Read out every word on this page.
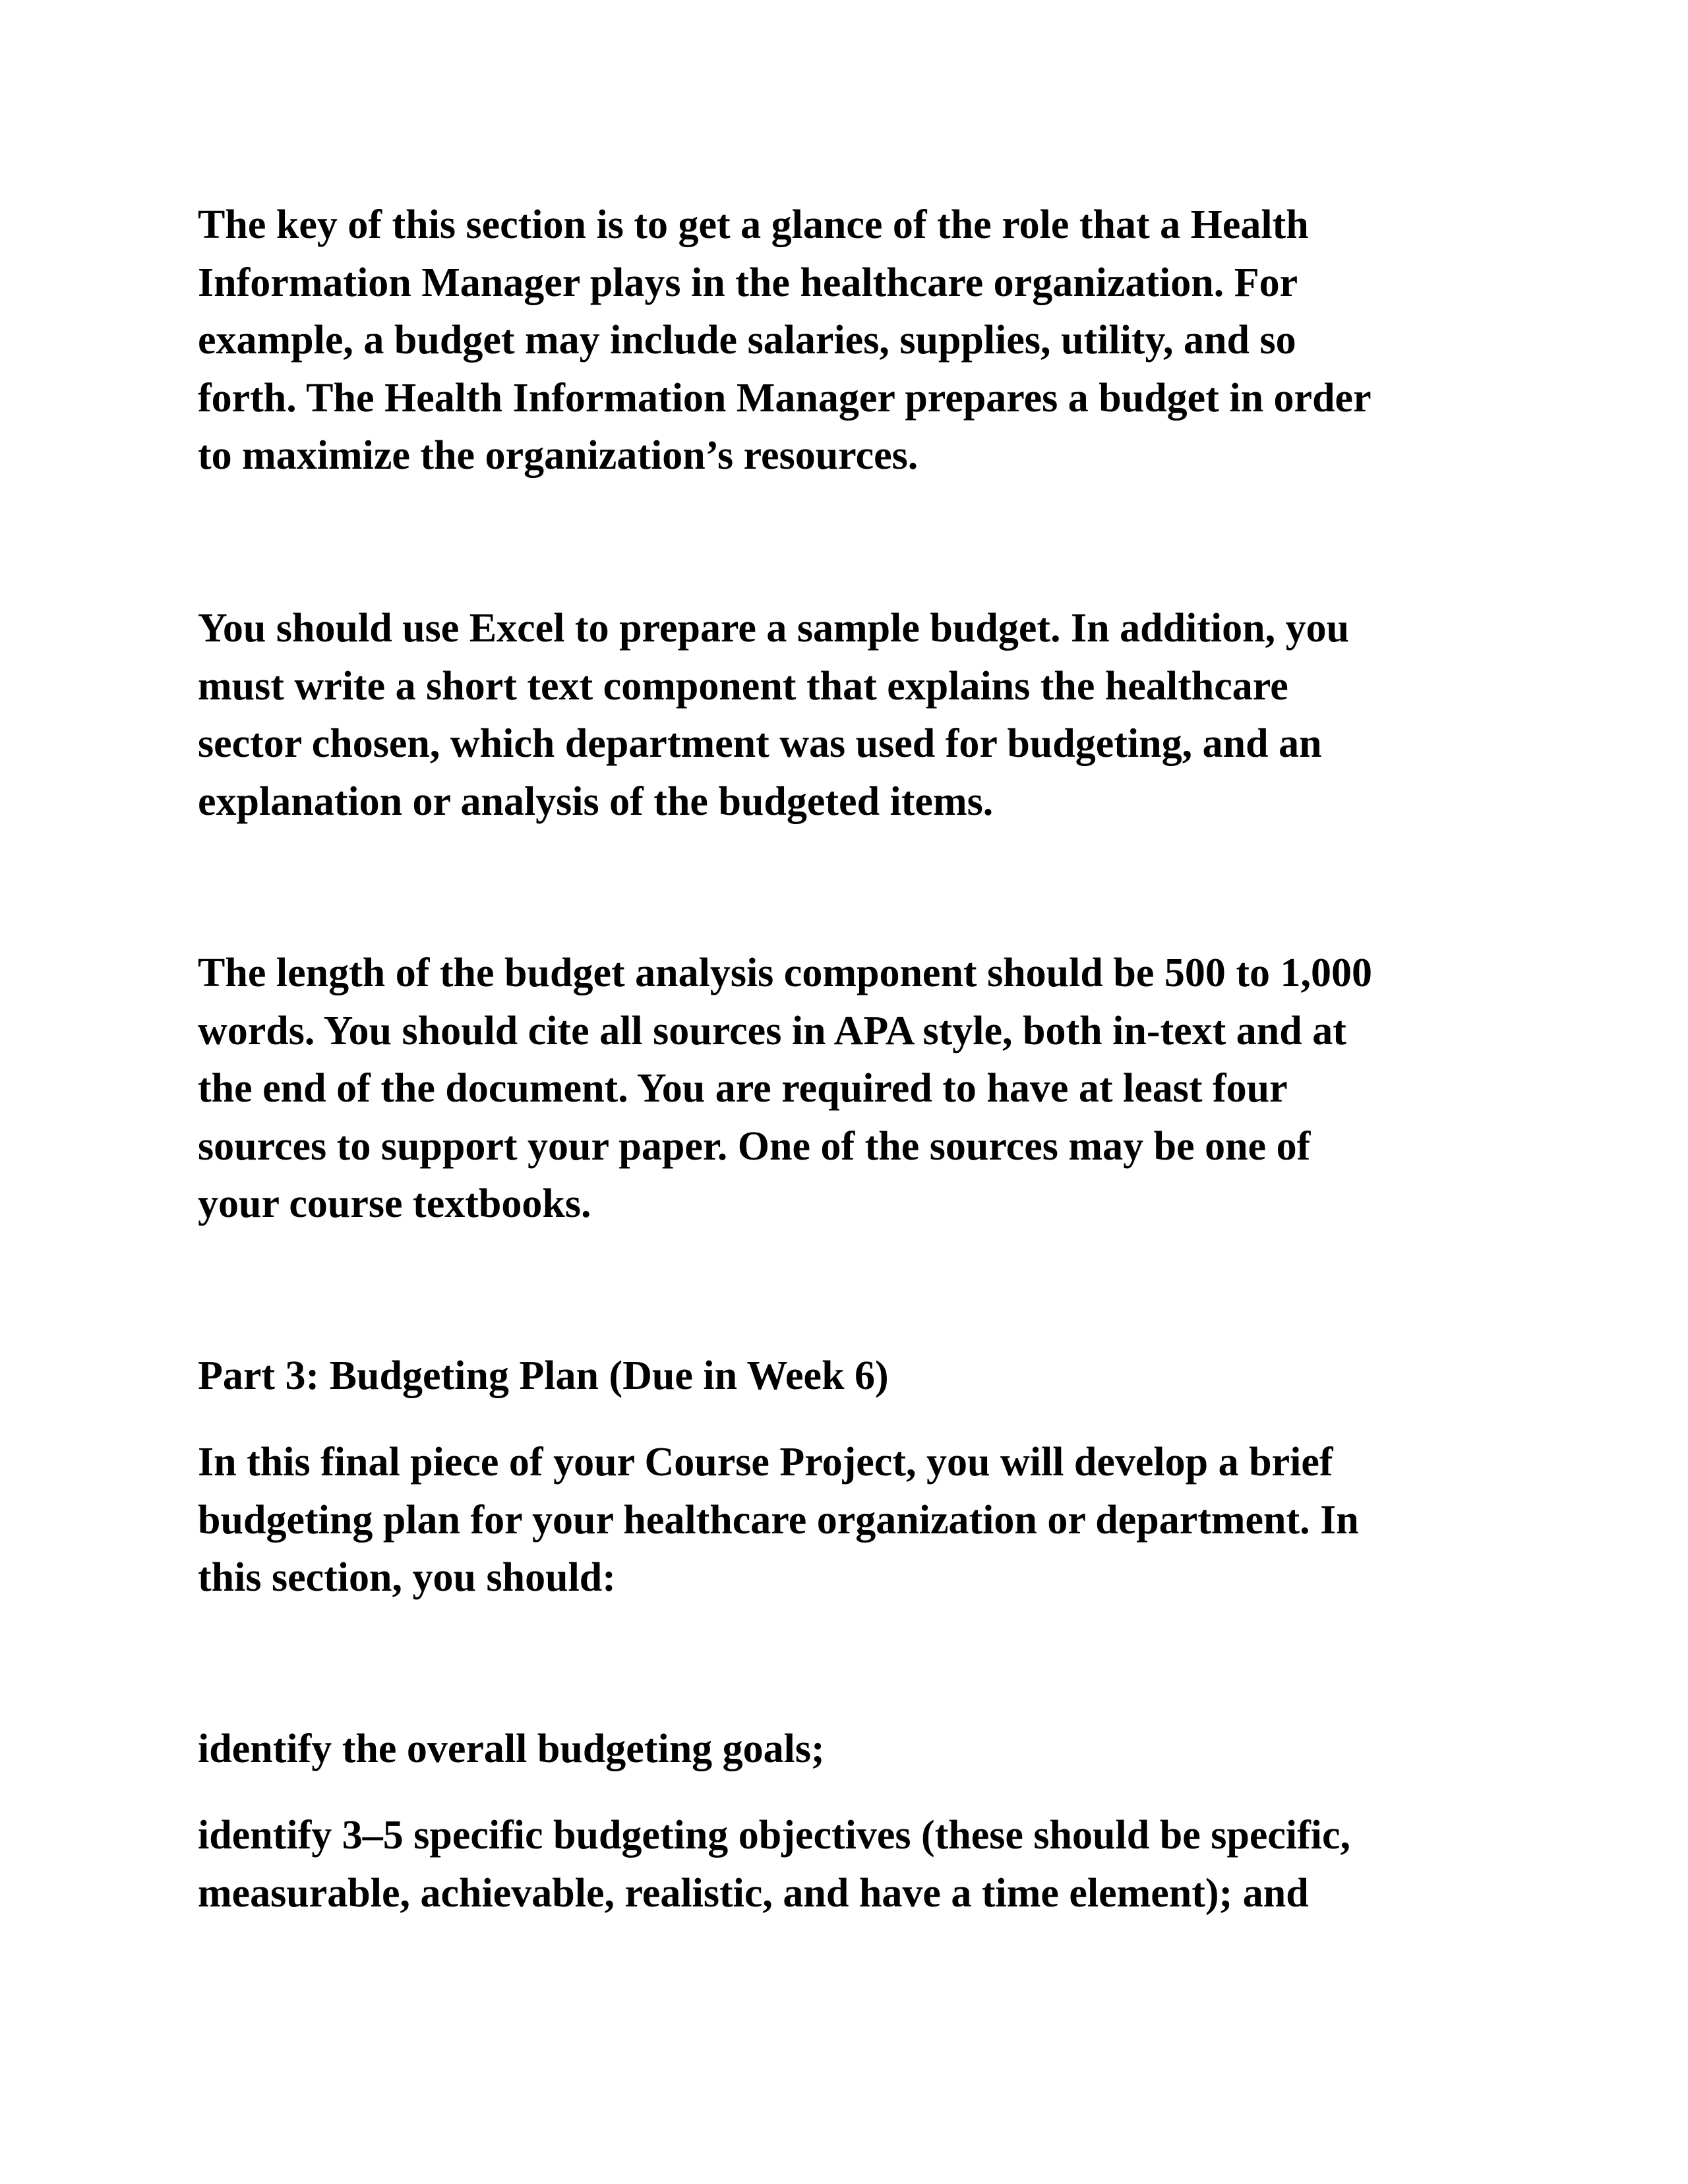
The key of this section is to get a glance of the role that a Health
Information Manager plays in the healthcare organization. For
example, a budget may include salaries, supplies, utility, and so
forth. The Health Information Manager prepares a budget in order
to maximize the organization’s resources.

You should use Excel to prepare a sample budget. In addition, you
must write a short text component that explains the healthcare
sector chosen, which department was used for budgeting, and an
explanation or analysis of the budgeted items.

The length of the budget analysis component should be 500 to 1,000
words. You should cite all sources in APA style, both in-text and at
the end of the document. You are required to have at least four
sources to support your paper. One of the sources may be one of
your course textbooks.

Part 3: Budgeting Plan (Due in Week 6)

In this final piece of your Course Project, you will develop a brief
budgeting plan for your healthcare organization or department. In
this section, you should:

identify the overall budgeting goals;

identify 3–5 specific budgeting objectives (these should be specific,
measurable, achievable, realistic, and have a time element); and
